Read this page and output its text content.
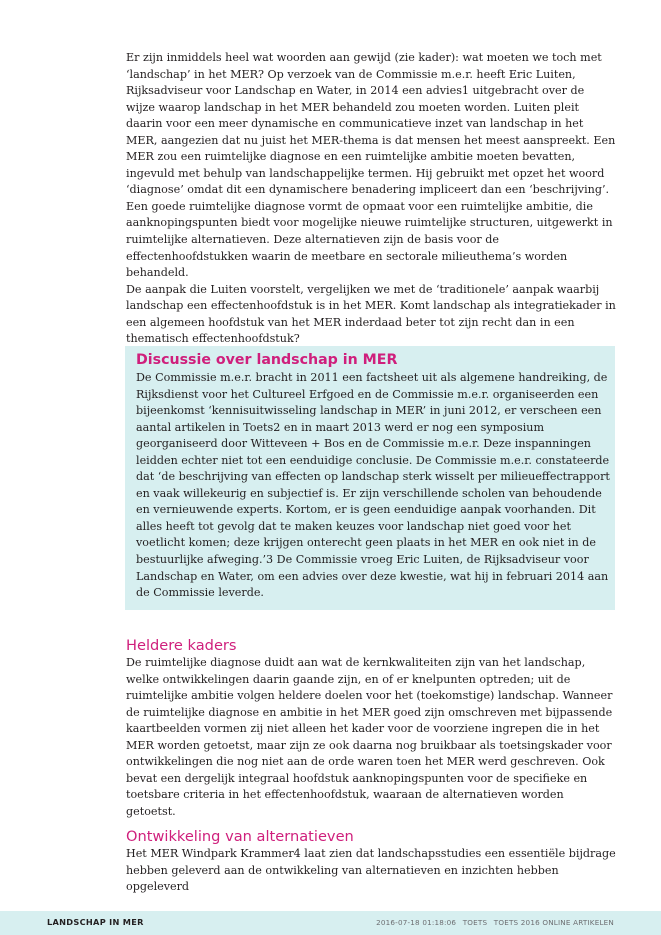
Er zijn inmiddels heel wat woorden aan gewijd (zie kader): wat moeten we toch met ‘landschap’ in het MER? Op verzoek van de Commissie m.e.r. heeft Eric Luiten, Rijksadviseur voor Landschap en Water, in 2014 een advies1 uitgebracht over de wijze waarop landschap in het MER behandeld zou moeten worden. Luiten pleit daarin voor een meer dynamische en communicatieve inzet van landschap in het MER, aangezien dat nu juist het MER-thema is dat mensen het meest aanspreekt. Een MER zou een ruimtelijke diagnose en een ruimtelijke ambitie moeten bevatten, ingevuld met behulp van landschappelijke termen. Hij gebruikt met opzet het woord ‘diagnose’ omdat dit een dynamischere benadering impliceert dan een ‘beschrijving’. Een goede ruimtelijke diagnose vormt de opmaat voor een ruimtelijke ambitie, die aanknopingspunten biedt voor mogelijke nieuwe ruimtelijke structuren, uitgewerkt in ruimtelijke alternatieven. Deze alternatieven zijn de basis voor de effectenhoofdstukken waarin de meetbare en sectorale milieuthema’s worden behandeld.

De aanpak die Luiten voorstelt, vergelijken we met de ‘traditionele’ aanpak waarbij landschap een effectenhoofdstuk is in het MER. Komt landschap als integratiekader in een algemeen hoofdstuk van het MER inderdaad beter tot zijn recht dan in een thematisch effectenhoofdstuk?

Discussie over landschap in MER

De Commissie m.e.r. bracht in 2011 een factsheet uit als algemene handreiking, de Rijksdienst voor het Cultureel Erfgoed en de Commissie m.e.r. organiseerden een bijeenkomst ‘kennisuitwisseling landschap in MER’ in juni 2012, er verscheen een aantal artikelen in Toets2 en in maart 2013 werd er nog een symposium georganiseerd door Witteveen + Bos en de Commissie m.e.r. Deze inspanningen leidden echter niet tot een eenduidige conclusie. De Commissie m.e.r. constateerde dat ‘de beschrijving van effecten op landschap sterk wisselt per milieueffectrapport en vaak willekeurig en subjectief is. Er zijn verschillende scholen van behoudende en vernieuwende experts. Kortom, er is geen eenduidige aanpak voorhanden. Dit alles heeft tot gevolg dat te maken keuzes voor landschap niet goed voor het voetlicht komen; deze krijgen onterecht geen plaats in het MER en ook niet in de bestuurlijke afweging.’3 De Commissie vroeg Eric Luiten, de Rijksadviseur voor Landschap en Water, om een advies over deze kwestie, wat hij in februari 2014 aan de Commissie leverde.

Heldere kaders

De ruimtelijke diagnose duidt aan wat de kernkwaliteiten zijn van het landschap, welke ontwikkelingen daarin gaande zijn, en of er knelpunten optreden; uit de ruimtelijke ambitie volgen heldere doelen voor het (toekomstige) landschap. Wanneer de ruimtelijke diagnose en ambitie in het MER goed zijn omschreven met bijpassende kaartbeelden vormen zij niet alleen het kader voor de voorziene ingrepen die in het MER worden getoetst, maar zijn ze ook daarna nog bruikbaar als toetsingskader voor ontwikkelingen die nog niet aan de orde waren toen het MER werd geschreven. Ook bevat een dergelijk integraal hoofdstuk aanknopingspunten voor de specifieke en toetsbare criteria in het effectenhoofdstuk, waaraan de alternatieven worden getoetst.

Ontwikkeling van alternatieven

Het MER Windpark Krammer4 laat zien dat landschapsstudies een essentiële bijdrage hebben geleverd aan de ontwikkeling van alternatieven en inzichten hebben opgeleverd

LANDSCHAP IN MER	2016-07-18 01:18:06 TOETS TOETS 2016 ONLINE ARTIKELEN
